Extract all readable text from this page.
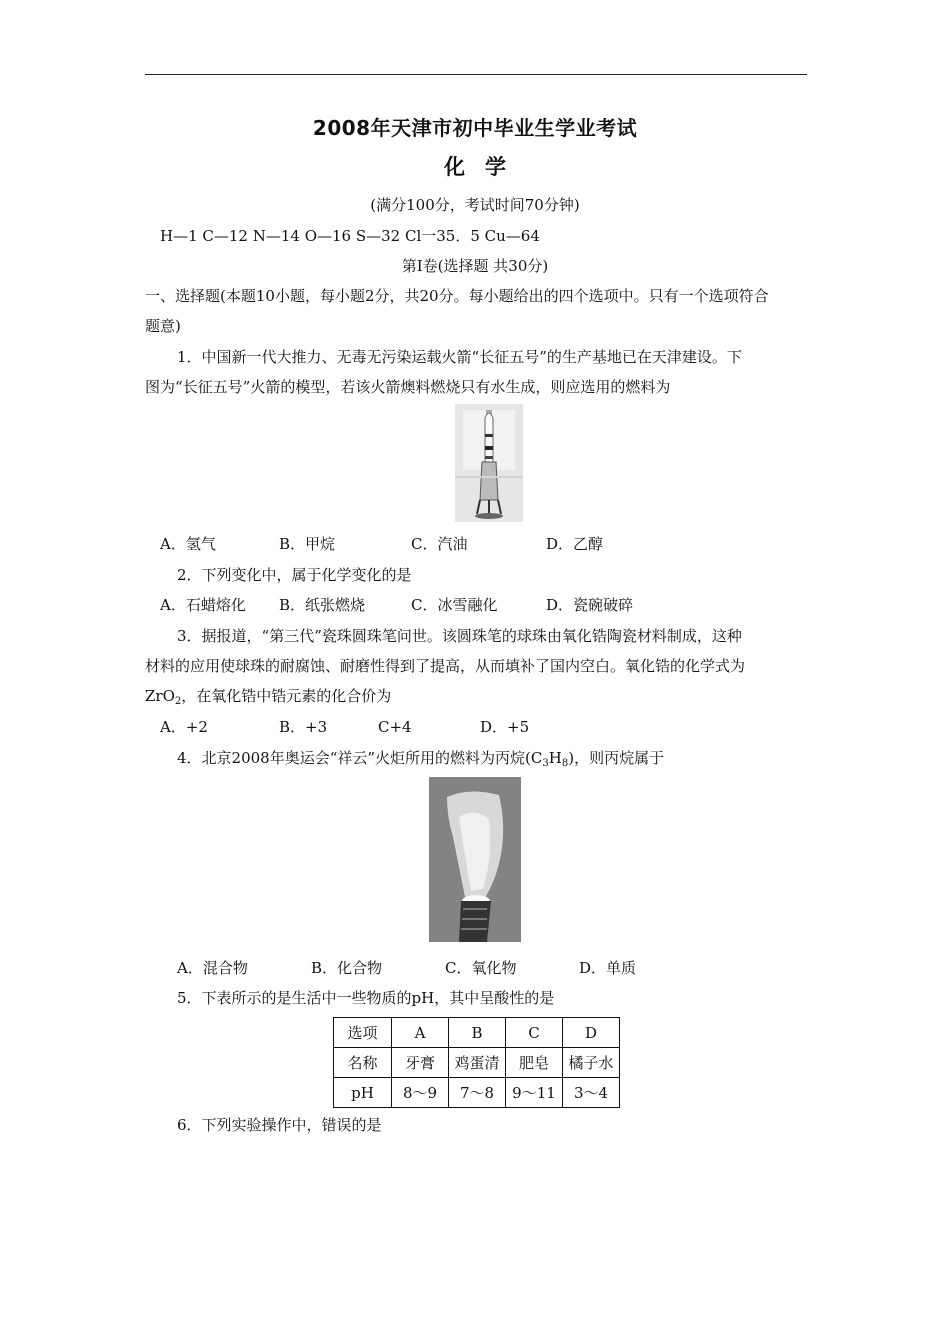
2008年天津市初中毕业生学业考试
化学
(满分100分，考试时间70分钟)
H—1 C—12 N—14 O—16 S—32 Cl一35．5 Cu—64
第Ⅰ卷(选择题 共30分)
一、选择题(本题10小题，每小题2分，共20分。每小题给出的四个选项中。只有一个选项符合
题意)
1．中国新一代大推力、无毒无污染运载火箭“长征五号”的生产基地已在天津建设。下
图为“长征五号”火箭的模型，若该火箭燠料燃烧只有水生成，则应选用的燃料为
A．氢气	B．甲烷	C．汽油	D．乙醇
2．下列变化中，属于化学变化的是
A．石蜡熔化 B．纸张燃烧	C．冰雪融化	D．瓷碗破碎
3．据报道，“第三代”瓷珠圆珠笔问世。该圆珠笔的球珠由氧化锆陶瓷材料制成，这种
材料的应用使球珠的耐腐蚀、耐磨性得到了提高，从而填补了国内空白。氧化锆的化学式为
ZrO$_2$，在氧化锆中锆元素的化合价为
A．+2	B．+3	C+4	D．+5
4．北京2008年奥运会“祥云”火炬所用的燃料为丙烷$(C_3H_8)$，则丙烷属于
A．混合物	B．化合物	C．氧化物	D．单质
5．下表所示的是生活中一些物质的pH，其中呈酸性的是
选项	A	B	C	D
名称	牙膏	鸡蛋清	肥皂	橘子水
pH	8～9	7～8	9～11	3～4
6．下列实验操作中，错误的是
